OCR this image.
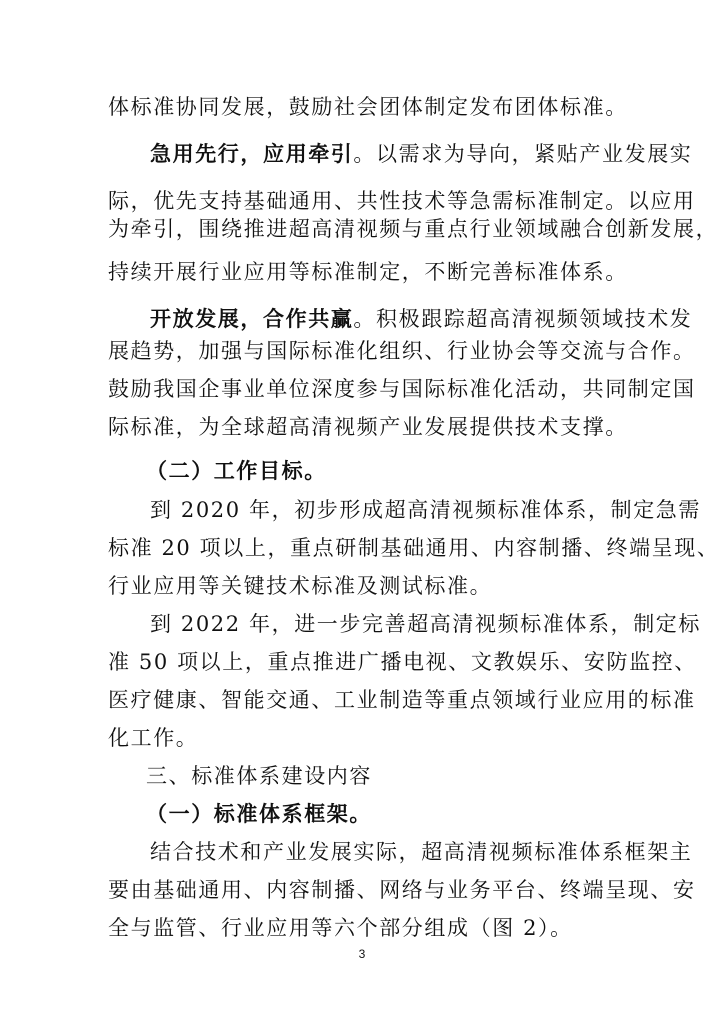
体标准协同发展，鼓励社会团体制定发布团体标准。
急用先行，应用牵引。以需求为导向，紧贴产业发展实
际，优先支持基础通用、共性技术等急需标准制定。以应用
为牵引，围绕推进超高清视频与重点行业领域融合创新发展，
持续开展行业应用等标准制定，不断完善标准体系。
开放发展，合作共赢。积极跟踪超高清视频领域技术发
展趋势，加强与国际标准化组织、行业协会等交流与合作。
鼓励我国企事业单位深度参与国际标准化活动，共同制定国
际标准，为全球超高清视频产业发展提供技术支撑。
（二）工作目标。
到 2020 年，初步形成超高清视频标准体系，制定急需
标准 20 项以上，重点研制基础通用、内容制播、终端呈现、
行业应用等关键技术标准及测试标准。
到 2022 年，进一步完善超高清视频标准体系，制定标
准 50 项以上，重点推进广播电视、文教娱乐、安防监控、
医疗健康、智能交通、工业制造等重点领域行业应用的标准
化工作。
三、标准体系建设内容
（一）标准体系框架。
结合技术和产业发展实际，超高清视频标准体系框架主
要由基础通用、内容制播、网络与业务平台、终端呈现、安
全与监管、行业应用等六个部分组成（图 2）。
3
